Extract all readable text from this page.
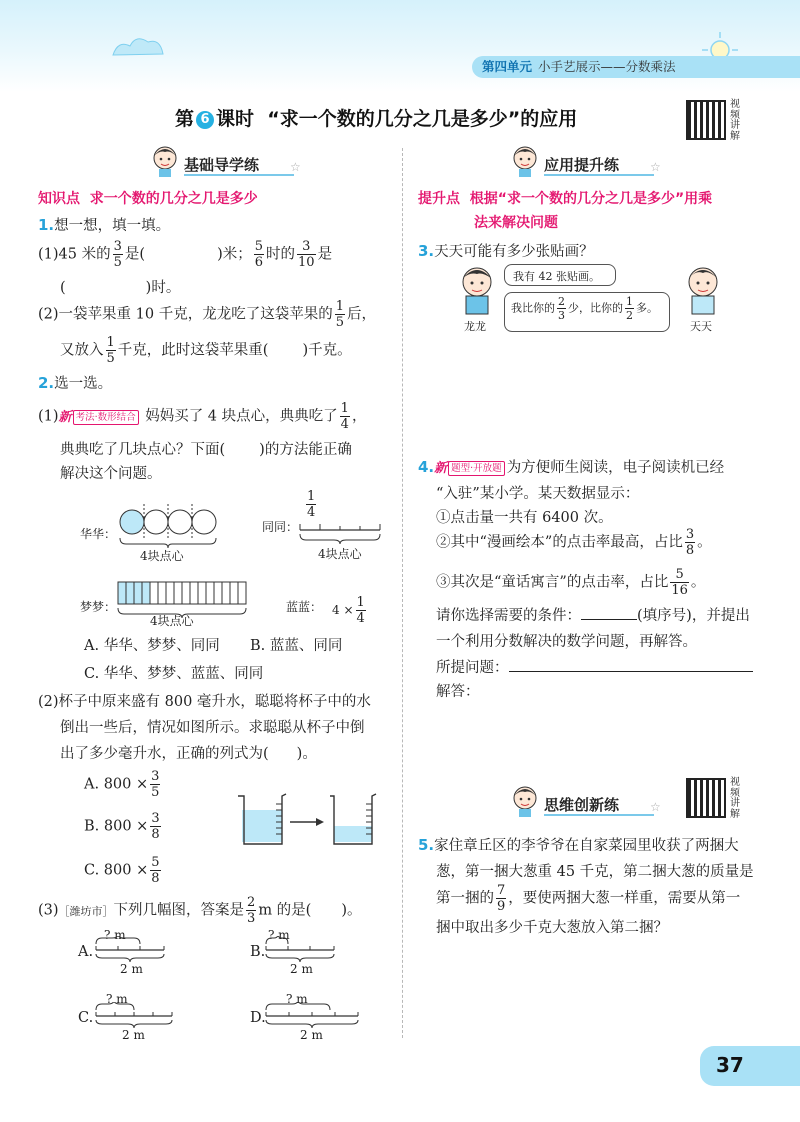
第四单元 小手艺展示——分数乘法
第 6 课时 “求一个数的几分之几是多少”的应用
视频讲解
基础导学练	☆
知识点 求一个数的几分之几是多少
1.想一想，填一填。
(1)45 米的 $\frac{3}{5}$ 是(	)米； $\frac{5}{6}$ 时的 $\frac{3}{10}$ 是
(	)时。
(2)一袋苹果重 10 千克，龙龙吃了这袋苹果的 $\frac{1}{5}$ 后，
又放入 $\frac{1}{5}$ 千克，此时这袋苹果重( )千克。
2.选一选。
(1)新 考法·数形结合 妈妈买了 4 块点心，典典吃了 $\frac{1}{4}$ ，
典典吃了几块点心？下面( )的方法能正确
解决这个问题。
华华：
4块点心
同同：
$\frac{1}{4}$
4块点心
梦梦：
4块点心
蓝蓝： $4 \times \frac{1}{4}$
A. 华华、梦梦、同同 B. 蓝蓝、同同
C. 华华、梦梦、蓝蓝、同同
(2)杯子中原来盛有 800 毫升水，聪聪将杯子中的水
倒出一些后，情况如图所示。求聪聪从杯子中倒
出了多少毫升水，正确的列式为( )。
A. $800 \times \frac{3}{5}$
B. $800 \times \frac{3}{8}$
C. $800 \times \frac{5}{8}$
(3)［潍坊市］下列几幅图，答案是 $\frac{2}{3}$ m 的是( )。
A.
? m
2 m
B.
? m
2 m
C.
? m
2 m
D.
? m
2 m
应用提升练	☆
提升点 根据“求一个数的几分之几是多少”用乘
法来解决问题
3.天天可能有多少张贴画？
龙龙
我有 42 张贴画。
我比你的 $\frac{2}{3}$ 少，比你的 $\frac{1}{2}$ 多。
天天
4.新 题型·开放题 为方便师生阅读，电子阅读机已经
“入驻”某小学。某天数据显示：
①点击量一共有 6400 次。
②其中“漫画绘本”的点击率最高，占比 $\frac{3}{8}$ 。
③其次是“童话寓言”的点击率，占比 $\frac{5}{16}$ 。
请你选择需要的条件：	(填序号)，并提出
一个利用分数解决的数学问题，再解答。
所提问题：
解答：
思维创新练	☆
视频讲解
5.家住章丘区的李爷爷在自家菜园里收获了两捆大
葱，第一捆大葱重 45 千克，第二捆大葱的质量是
第一捆的 $\frac{7}{9}$ ，要使两捆大葱一样重，需要从第一
捆中取出多少千克大葱放入第二捆？
37
